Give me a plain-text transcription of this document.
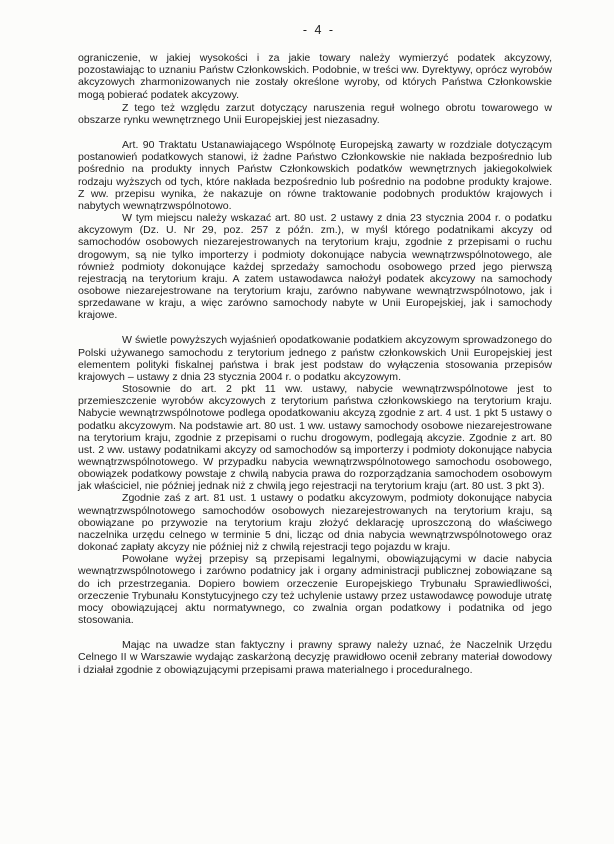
- 4 -

ograniczenie, w jakiej wysokości i za jakie towary należy wymierzyć podatek akcyzowy, pozostawiając to uznaniu Państw Członkowskich. Podobnie, w treści ww. Dyrektywy, oprócz wyrobów akcyzowych zharmonizowanych nie zostały określone wyroby, od których Państwa Członkowskie mogą pobierać podatek akcyzowy.

Z tego też względu zarzut dotyczący naruszenia reguł wolnego obrotu towarowego w obszarze rynku wewnętrznego Unii Europejskiej jest niezasadny.

Art. 90 Traktatu Ustanawiającego Wspólnotę Europejską zawarty w rozdziale dotyczącym postanowień podatkowych stanowi, iż żadne Państwo Członkowskie nie nakłada bezpośrednio lub pośrednio na produkty innych Państw Członkowskich podatków wewnętrznych jakiegokolwiek rodzaju wyższych od tych, które nakłada bezpośrednio lub pośrednio na podobne produkty krajowe. Z ww. przepisu wynika, że nakazuje on równe traktowanie podobnych produktów krajowych i nabytych wewnątrzwspólnotowo.

W tym miejscu należy wskazać art. 80 ust. 2 ustawy z dnia 23 stycznia 2004 r. o podatku akcyzowym (Dz. U. Nr 29, poz. 257 z późn. zm.), w myśl którego podatnikami akcyzy od samochodów osobowych niezarejestrowanych na terytorium kraju, zgodnie z przepisami o ruchu drogowym, są nie tylko importerzy i podmioty dokonujące nabycia wewnątrzwspólnotowego, ale również podmioty dokonujące każdej sprzedaży samochodu osobowego przed jego pierwszą rejestracją na terytorium kraju. A zatem ustawodawca nałożył podatek akcyzowy na samochody osobowe niezarejestrowane na terytorium kraju, zarówno nabywane wewnątrzwspólnotowo, jak i sprzedawane w kraju, a więc zarówno samochody nabyte w Unii Europejskiej, jak i samochody krajowe.

W świetle powyższych wyjaśnień opodatkowanie podatkiem akcyzowym sprowadzonego do Polski używanego samochodu z terytorium jednego z państw członkowskich Unii Europejskiej jest elementem polityki fiskalnej państwa i brak jest podstaw do wyłączenia stosowania przepisów krajowych – ustawy z dnia 23 stycznia 2004 r. o podatku akcyzowym.

Stosownie do art. 2 pkt 11 ww. ustawy, nabycie wewnątrzwspólnotowe jest to przemieszczenie wyrobów akcyzowych z terytorium państwa członkowskiego na terytorium kraju. Nabycie wewnątrzwspólnotowe podlega opodatkowaniu akcyzą zgodnie z art. 4 ust. 1 pkt 5 ustawy o podatku akcyzowym. Na podstawie art. 80 ust. 1 ww. ustawy samochody osobowe niezarejestrowane na terytorium kraju, zgodnie z przepisami o ruchu drogowym, podlegają akcyzie. Zgodnie z art. 80 ust. 2 ww. ustawy podatnikami akcyzy od samochodów są importerzy i podmioty dokonujące nabycia wewnątrzwspólnotowego. W przypadku nabycia wewnątrzwspólnotowego samochodu osobowego, obowiązek podatkowy powstaje z chwilą nabycia prawa do rozporządzania samochodem osobowym jak właściciel, nie później jednak niż z chwilą jego rejestracji na terytorium kraju (art. 80 ust. 3 pkt 3).

Zgodnie zaś z art. 81 ust. 1 ustawy o podatku akcyzowym, podmioty dokonujące nabycia wewnątrzwspólnotowego samochodów osobowych niezarejestrowanych na terytorium kraju, są obowiązane po przywozie na terytorium kraju złożyć deklarację uproszczoną do właściwego naczelnika urzędu celnego w terminie 5 dni, licząc od dnia nabycia wewnątrzwspólnotowego oraz dokonać zapłaty akcyzy nie później niż z chwilą rejestracji tego pojazdu w kraju.

Powołane wyżej przepisy są przepisami legalnymi, obowiązującymi w dacie nabycia wewnątrzwspólnotowego i zarówno podatnicy jak i organy administracji publicznej zobowiązane są do ich przestrzegania. Dopiero bowiem orzeczenie Europejskiego Trybunału Sprawiedliwości, orzeczenie Trybunału Konstytucyjnego czy też uchylenie ustawy przez ustawodawcę powoduje utratę mocy obowiązującej aktu normatywnego, co zwalnia organ podatkowy i podatnika od jego stosowania.

Mając na uwadze stan faktyczny i prawny sprawy należy uznać, że Naczelnik Urzędu Celnego II w Warszawie wydając zaskarżoną decyzję prawidłowo ocenił zebrany materiał dowodowy i działał zgodnie z obowiązującymi przepisami prawa materialnego i proceduralnego.
